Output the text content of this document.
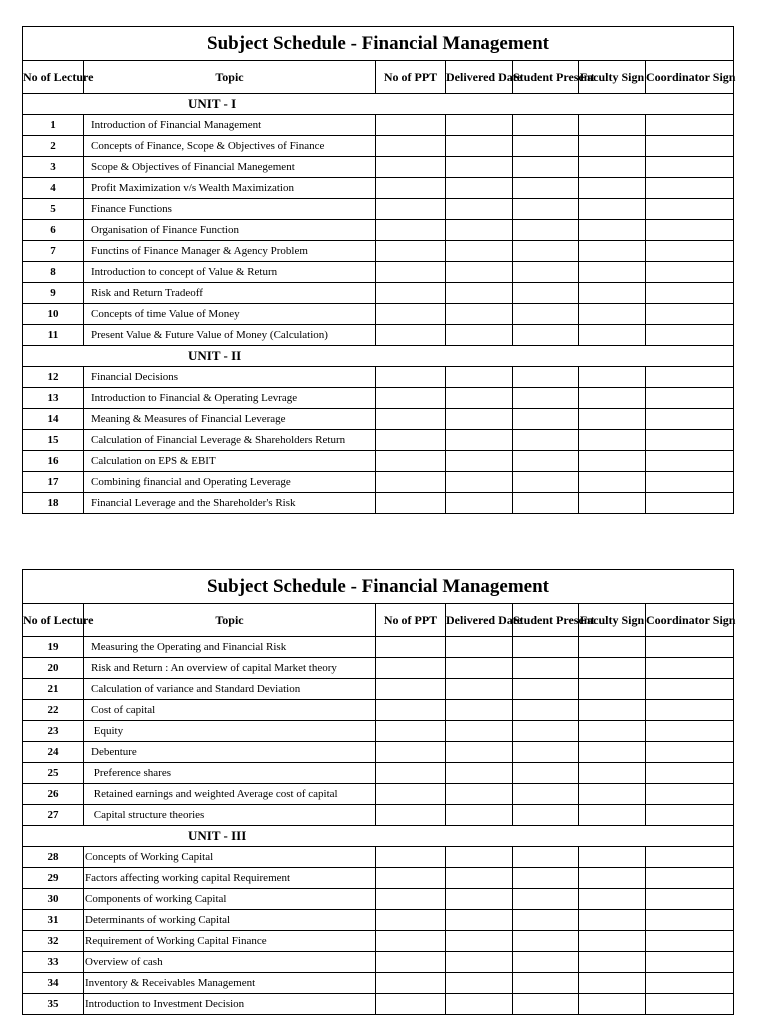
Subject Schedule - Financial Management						
No of Lecture	Topic	No of PPT	Delivered Date	Student Present	Faculty Sign	Coordinator Sign
UNIT - I						
1	Introduction of Financial Management					
2	Concepts of Finance, Scope & Objectives of Finance					
3	Scope & Objectives of Financial Manegement					
4	Profit Maximization v/s Wealth Maximization					
5	Finance Functions					
6	Organisation of Finance Function					
7	Functins of Finance Manager & Agency Problem					
8	Introduction to concept of Value & Return					
9	Risk and Return Tradeoff					
10	Concepts of time Value of Money					
11	Present Value & Future Value of Money (Calculation)					
UNIT - II						
12	Financial Decisions					
13	Introduction to Financial & Operating Levrage					
14	Meaning & Measures of Financial Leverage					
15	Calculation of Financial Leverage & Shareholders Return					
16	Calculation on EPS & EBIT					
17	Combining financial and Operating Leverage					
18	Financial Leverage and the Shareholder's Risk					
Subject Schedule - Financial Management						
No of Lecture	Topic	No of PPT	Delivered Date	Student Present	Faculty Sign	Coordinator Sign
19	Measuring the Operating and Financial Risk					
20	Risk and Return : An overview of capital Market theory					
21	Calculation of variance and Standard Deviation					
22	Cost of capital					
23	Equity					
24	Debenture					
25	Preference shares					
26	Retained earnings and weighted Average cost of capital					
27	Capital structure theories					
UNIT - III						
28	Concepts of Working Capital					
29	Factors affecting working capital Requirement					
30	Components of working Capital					
31	Determinants of working Capital					
32	Requirement of Working Capital Finance					
33	Overview of cash					
34	Inventory & Receivables Management					
35	Introduction to Investment Decision					
